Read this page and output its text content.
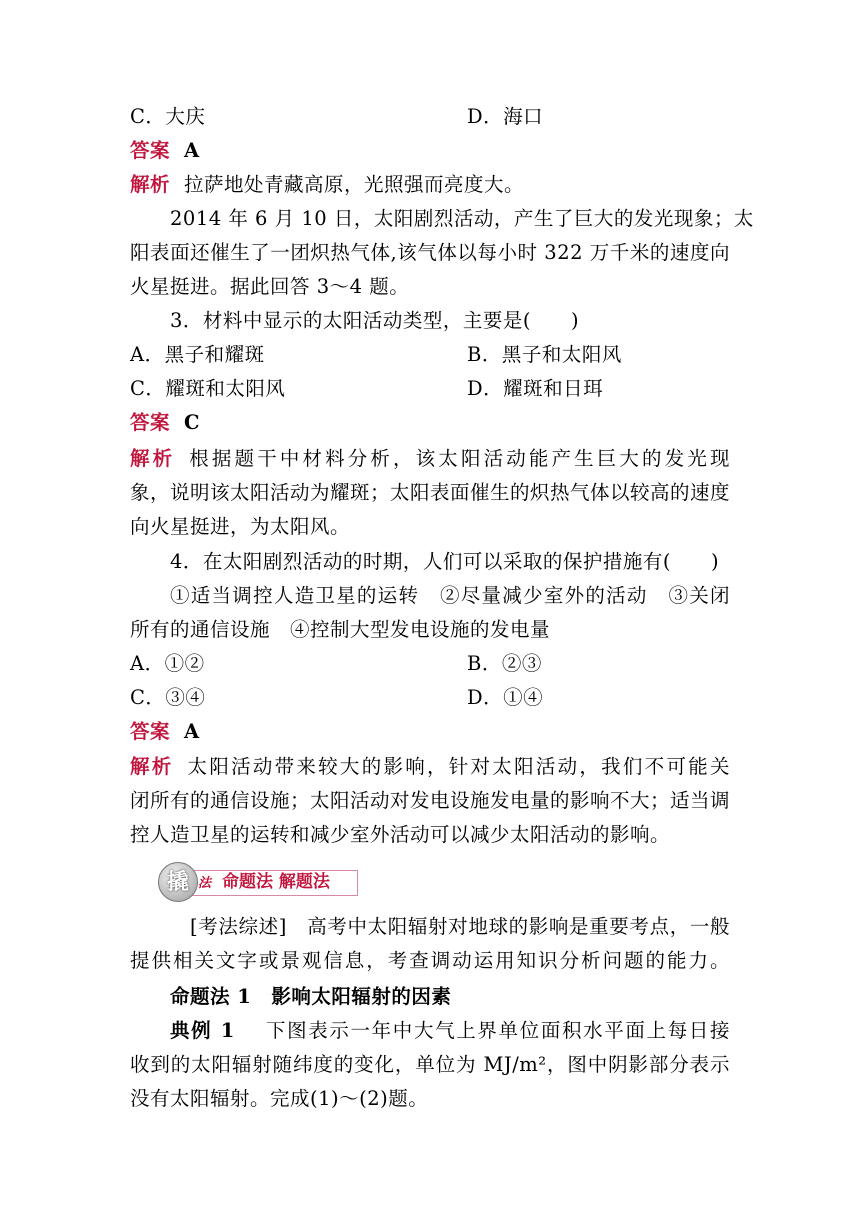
C．大庆	D．海口
答案 A
解析 拉萨地处青藏高原，光照强而亮度大。
2014 年 6 月 10 日，太阳剧烈活动，产生了巨大的发光现象；太
阳表面还催生了一团炽热气体,该气体以每小时 322 万千米的速度向
火星挺进。据此回答 3～4 题。
3．材料中显示的太阳活动类型，主要是(　　)
A．黑子和耀斑	B．黑子和太阳风
C．耀斑和太阳风	D．耀斑和日珥
答案 C
解析 根据题干中材料分析，该太阳活动能产生巨大的发光现
象，说明该太阳活动为耀斑；太阳表面催生的炽热气体以较高的速度
向火星挺进，为太阳风。
4．在太阳剧烈活动的时期，人们可以采取的保护措施有(　　)
①适当调控人造卫星的运转　②尽量减少室外的活动　③关闭
所有的通信设施　④控制大型发电设施的发电量
A．①②	B．②③
C．③④	D．①④
答案 A
解析 太阳活动带来较大的影响，针对太阳活动，我们不可能关
闭所有的通信设施；太阳活动对发电设施发电量的影响不大；适当调
控人造卫星的运转和减少室外活动可以减少太阳活动的影响。
撬 法 命题法 解题法
[考法综述]　高考中太阳辐射对地球的影响是重要考点，一般
提供相关文字或景观信息，考查调动运用知识分析问题的能力。
命题法 1　影响太阳辐射的因素
典例 1 下图表示一年中大气上界单位面积水平面上每日接
收到的太阳辐射随纬度的变化，单位为 MJ/m²，图中阴影部分表示
没有太阳辐射。完成(1)～(2)题。
